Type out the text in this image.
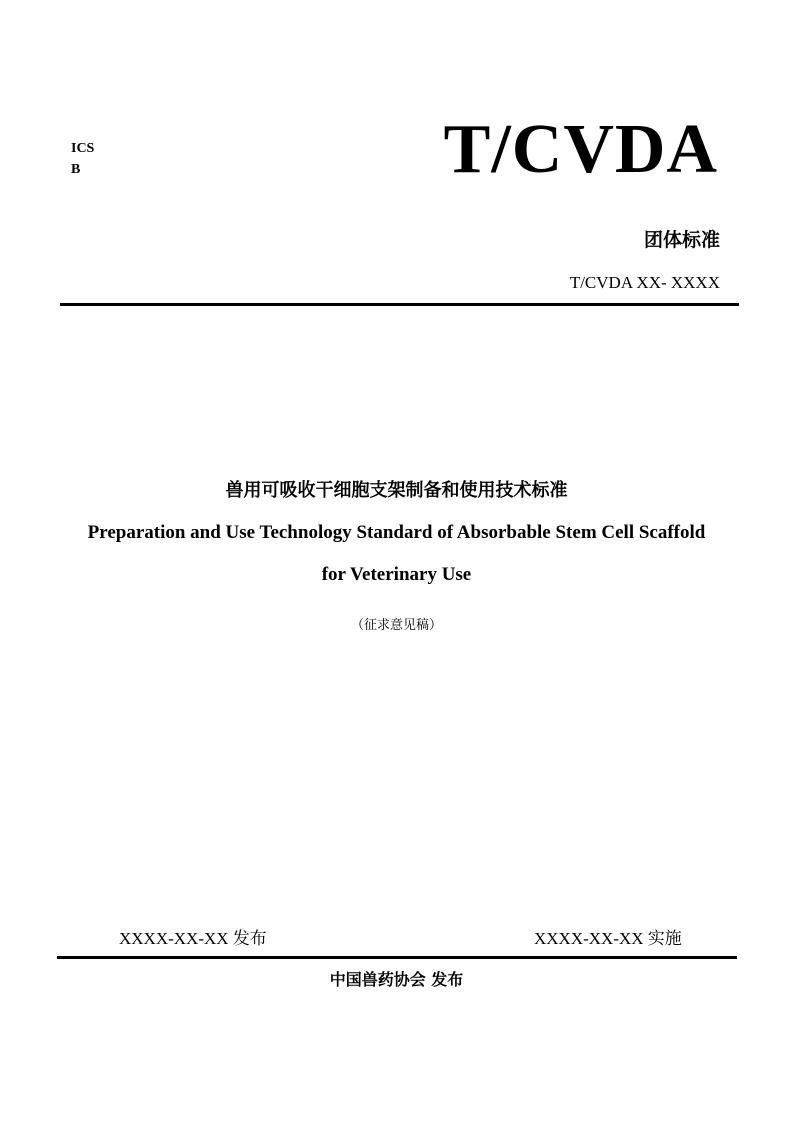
ICS
B	T/CVDA
团体标准
T/CVDA XX- XXXX
兽用可吸收干细胞支架制备和使用技术标准
Preparation and Use Technology Standard of Absorbable Stem Cell Scaffold
for Veterinary Use
（征求意见稿）
XXXX-XX-XX 发布	XXXX-XX-XX 实施
中国兽药协会 发布
